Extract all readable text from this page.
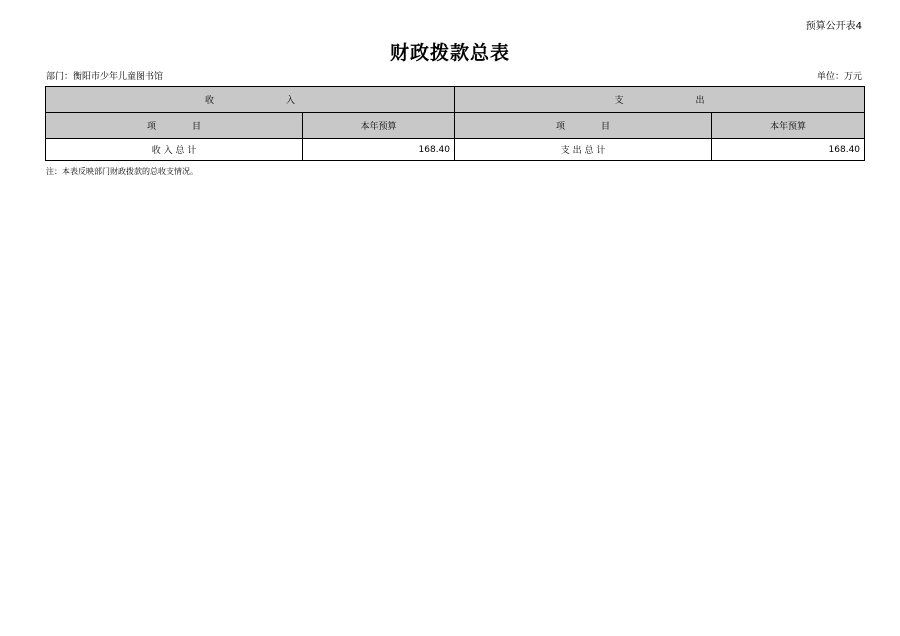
预算公开表4
财政拨款总表
部门：衡阳市少年儿童图书馆	单位：万元
收　　　　　　　　入		支　　　　　　　　出	
项　　　　目	本年预算	项　　　　目	本年预算
收 入 总 计	168.40	支 出 总 计	168.40
注：本表反映部门财政拨款的总收支情况。
